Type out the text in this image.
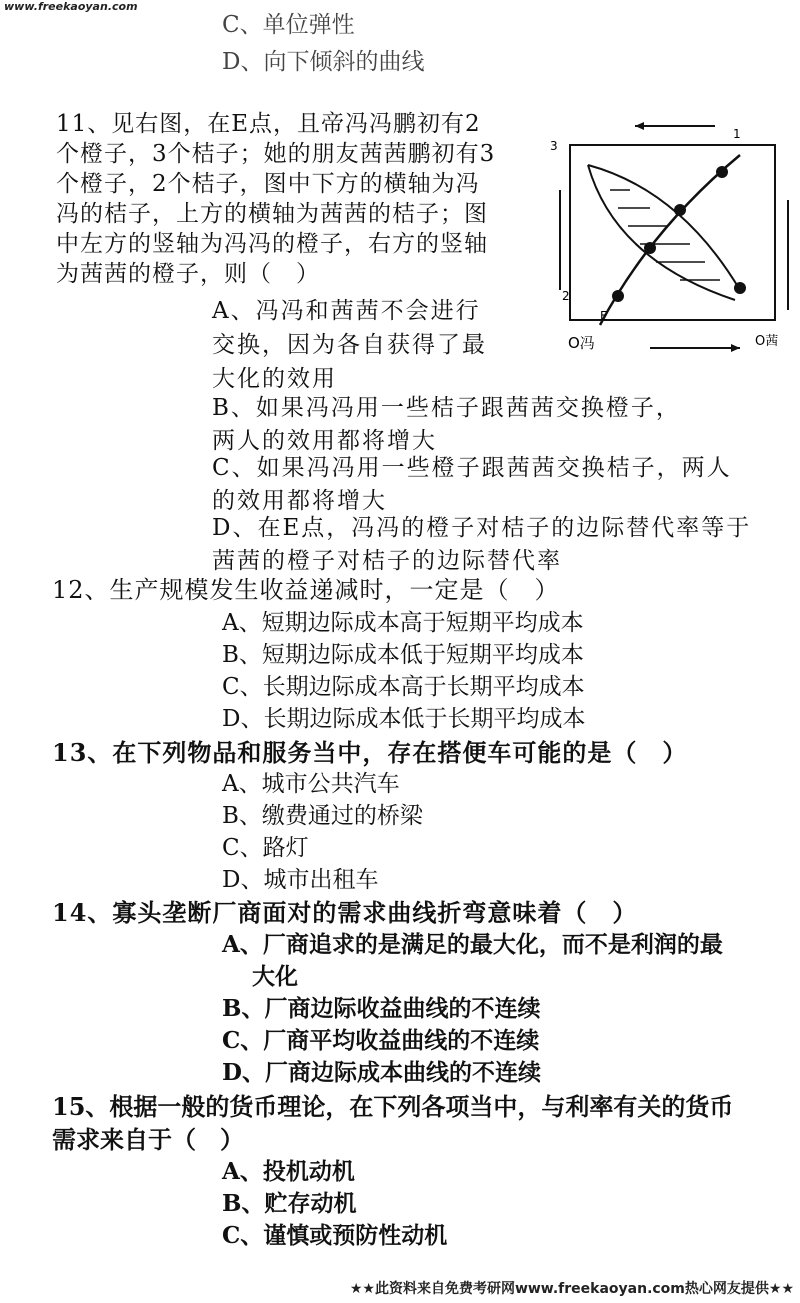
www.freekaoyan.com
C、单位弹性
D、向下倾斜的曲线
11、见右图，在E点，且帝冯冯鹏初有2个橙子，3个桔子；她的朋友茜茜鹏初有3个橙子，2个桔子，图中下方的横轴为冯冯的桔子，上方的横轴为茜茜的桔子；图中左方的竖轴为冯冯的橙子，右方的竖轴为茜茜的橙子，则（　）
O冯	O茜
E
3
2
1
A、冯冯和茜茜不会进行交换，因为各自获得了最大化的效用
B、如果冯冯用一些桔子跟茜茜交换橙子，两人的效用都将增大
C、如果冯冯用一些橙子跟茜茜交换桔子，两人的效用都将增大
D、在E点，冯冯的橙子对桔子的边际替代率等于茜茜的橙子对桔子的边际替代率
12、生产规模发生收益递减时，一定是（　）
A、短期边际成本高于短期平均成本
B、短期边际成本低于短期平均成本
C、长期边际成本高于长期平均成本
D、长期边际成本低于长期平均成本
13、在下列物品和服务当中，存在搭便车可能的是（　）
A、城市公共汽车
B、缴费通过的桥梁
C、路灯
D、城市出租车
14、寡头垄断厂商面对的需求曲线折弯意味着（　）
A、厂商追求的是满足的最大化，而不是利润的最
大化
B、厂商边际收益曲线的不连续
C、厂商平均收益曲线的不连续
D、厂商边际成本曲线的不连续
15、根据一般的货币理论，在下列各项当中，与利率有关的货币
需求来自于（　）
A、投机动机
B、贮存动机
C、谨慎或预防性动机
★★此资料来自免费考研网www.freekaoyan.com热心网友提供★★
